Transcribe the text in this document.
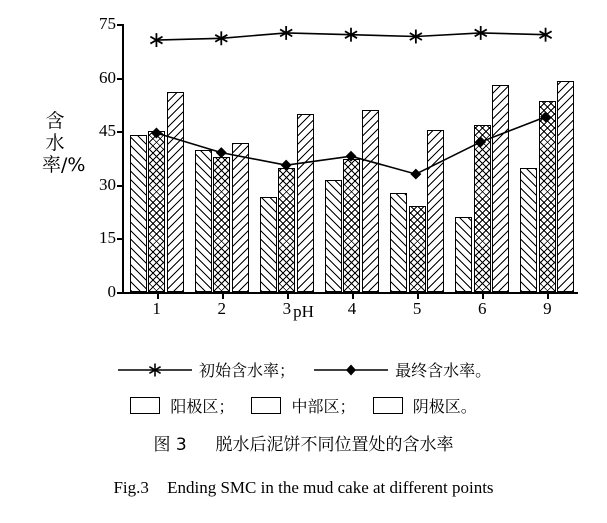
含水率/%
pH
0
15
30
45
60
75
1	2	3	4	5	6	9
初始含水率；	最终含水率。
阳极区；	中部区；	阴极区。
图 3 脱水后泥饼不同位置处的含水率
Fig.3 Ending SMC in the mud cake at different points
